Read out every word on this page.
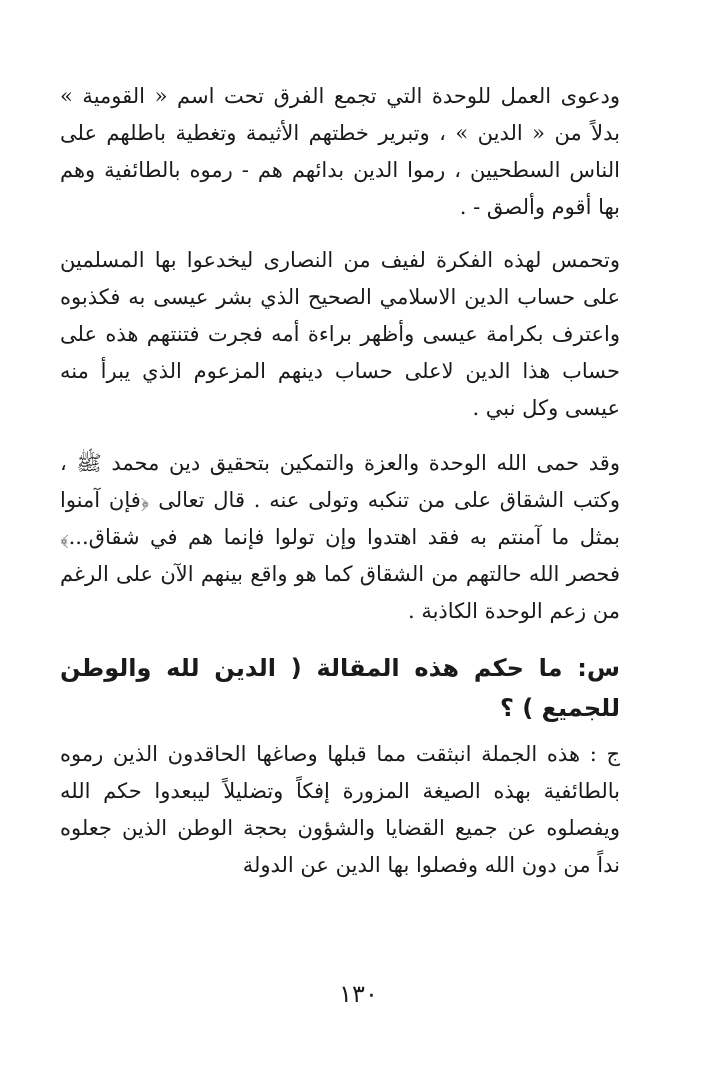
ودعوى العمل للوحدة التي تجمع الفرق تحت اسم « القومية » بدلاً من « الدين » ، وتبرير خطتهم الأثيمة وتغطية باطلهم على الناس السطحيين ، رموا الدين بدائهم هم - رموه بالطائفية وهم بها أقوم وألصق - .

وتحمس لهذه الفكرة لفيف من النصارى ليخدعوا بها المسلمين على حساب الدين الاسلامي الصحيح الذي بشر عيسى به فكذبوه واعترف بكرامة عيسى وأظهر براءة أمه فجرت فتنتهم هذه على حساب هذا الدين لاعلى حساب دينهم المزعوم الذي يبرأ منه عيسى وكل نبي .

وقد حمى الله الوحدة والعزة والتمكين بتحقيق دين محمد ﷺ ، وكتب الشقاق على من تنكبه وتولى عنه . قال تعالى ﴿فإن آمنوا بمثل ما آمنتم به فقد اهتدوا وإن تولوا فإنما هم في شقاق...﴾ فحصر الله حالتهم من الشقاق كما هو واقع بينهم الآن على الرغم من زعم الوحدة الكاذبة .

س: ما حكم هذه المقالة ( الدين لله والوطن للجميع ) ؟

ج : هذه الجملة انبثقت مما قبلها وصاغها الحاقدون الذين رموه بالطائفية بهذه الصيغة المزورة إفكاً وتضليلاً ليبعدوا حكم الله ويفصلوه عن جميع القضايا والشؤون بحجة الوطن الذين جعلوه نداً من دون الله وفصلوا بها الدين عن الدولة

١٣٠
